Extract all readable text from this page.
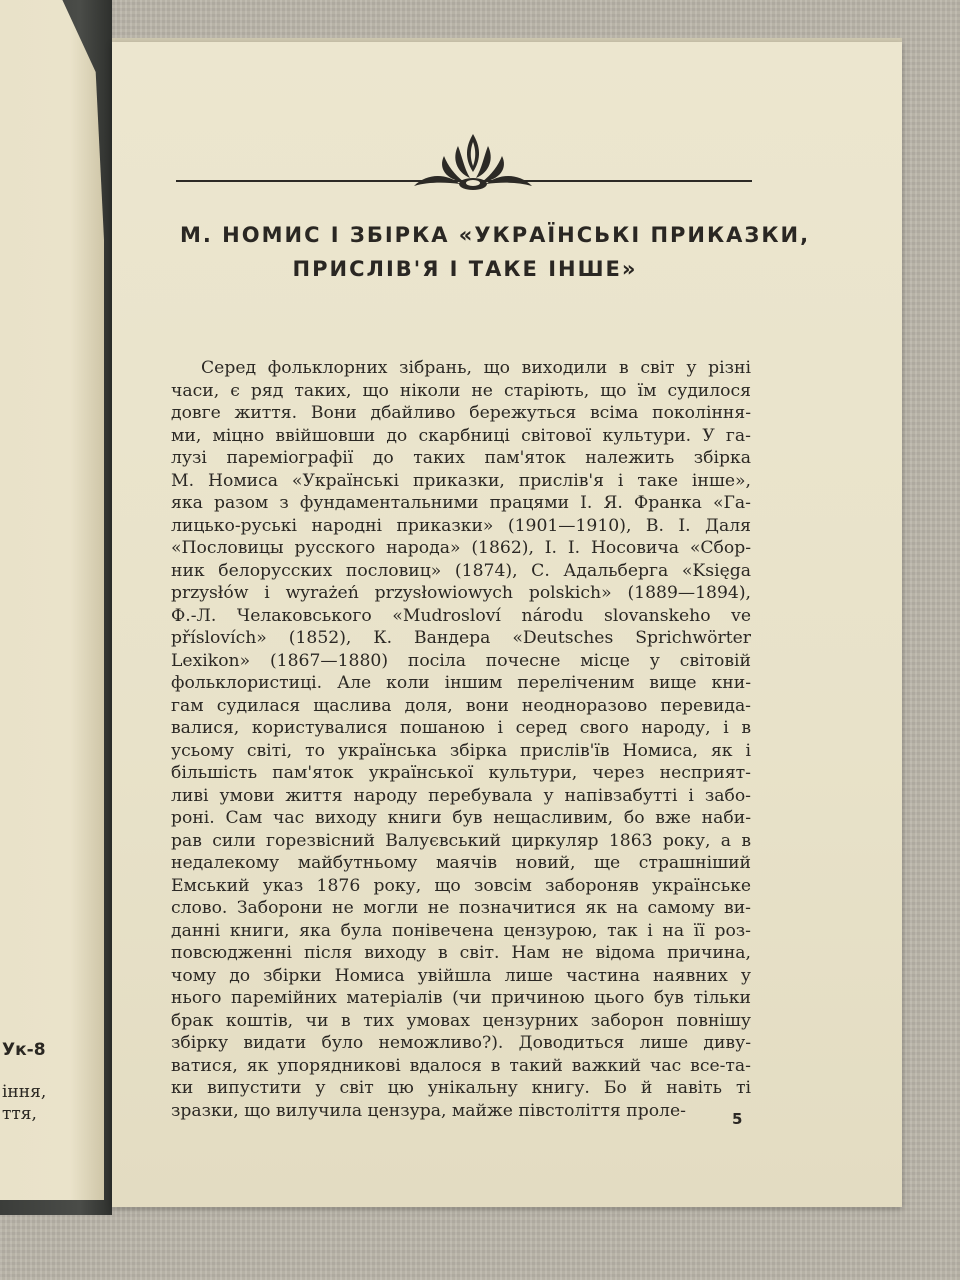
Ук-8
іння,
ття,
М. НОМИС І ЗБІРКА «УКРАЇНСЬКІ ПРИКАЗКИ,
ПРИСЛІВ'Я І ТАКЕ ІНШЕ»
Серед фольклорних зібрань, що виходили в світ у різні
часи, є ряд таких, що ніколи не старіють, що їм судилося
довге життя. Вони дбайливо бережуться всіма покоління-
ми, міцно ввійшовши до скарбниці світової культури. У га-
лузі пареміографії до таких пам'яток належить збірка
М. Номиса «Українські приказки, прислів'я і таке інше»,
яка разом з фундаментальними працями І. Я. Франка «Га-
лицько-руські народні приказки» (1901—1910), В. І. Даля
«Пословицы русского народа» (1862), І. І. Носовича «Сбор-
ник белорусских пословиц» (1874), С. Адальберга «Księga
przysłów i wyrażeń przysłowiowych polskich» (1889—1894),
Ф.-Л. Челаковського «Mudrosloví národu slovanskeho ve
příslovích» (1852), К. Вандера «Deutsches Sprichwörter
Lexikon» (1867—1880) посіла почесне місце у світовій
фольклористиці. Але коли іншим переліченим вище кни-
гам судилася щаслива доля, вони неодноразово перевида-
валися, користувалися пошаною і серед свого народу, і в
усьому світі, то українська збірка прислів'їв Номиса, як і
більшість пам'яток української культури, через несприят-
ливі умови життя народу перебувала у напівзабутті і забо-
роні. Сам час виходу книги був нещасливим, бо вже наби-
рав сили горезвісний Валуєвський циркуляр 1863 року, а в
недалекому майбутньому маячів новий, ще страшніший
Емський указ 1876 року, що зовсім забороняв українське
слово. Заборони не могли не позначитися як на самому ви-
данні книги, яка була понівечена цензурою, так і на її роз-
повсюдженні після виходу в світ. Нам не відома причина,
чому до збірки Номиса увійшла лише частина наявних у
нього паремійних матеріалів (чи причиною цього був тільки
брак коштів, чи в тих умовах цензурних заборон повнішу
збірку видати було неможливо?). Доводиться лише диву-
ватися, як упорядникові вдалося в такий важкий час все-та-
ки випустити у світ цю унікальну книгу. Бо й навіть ті
зразки, що вилучила цензура, майже півстоліття проле-	5
